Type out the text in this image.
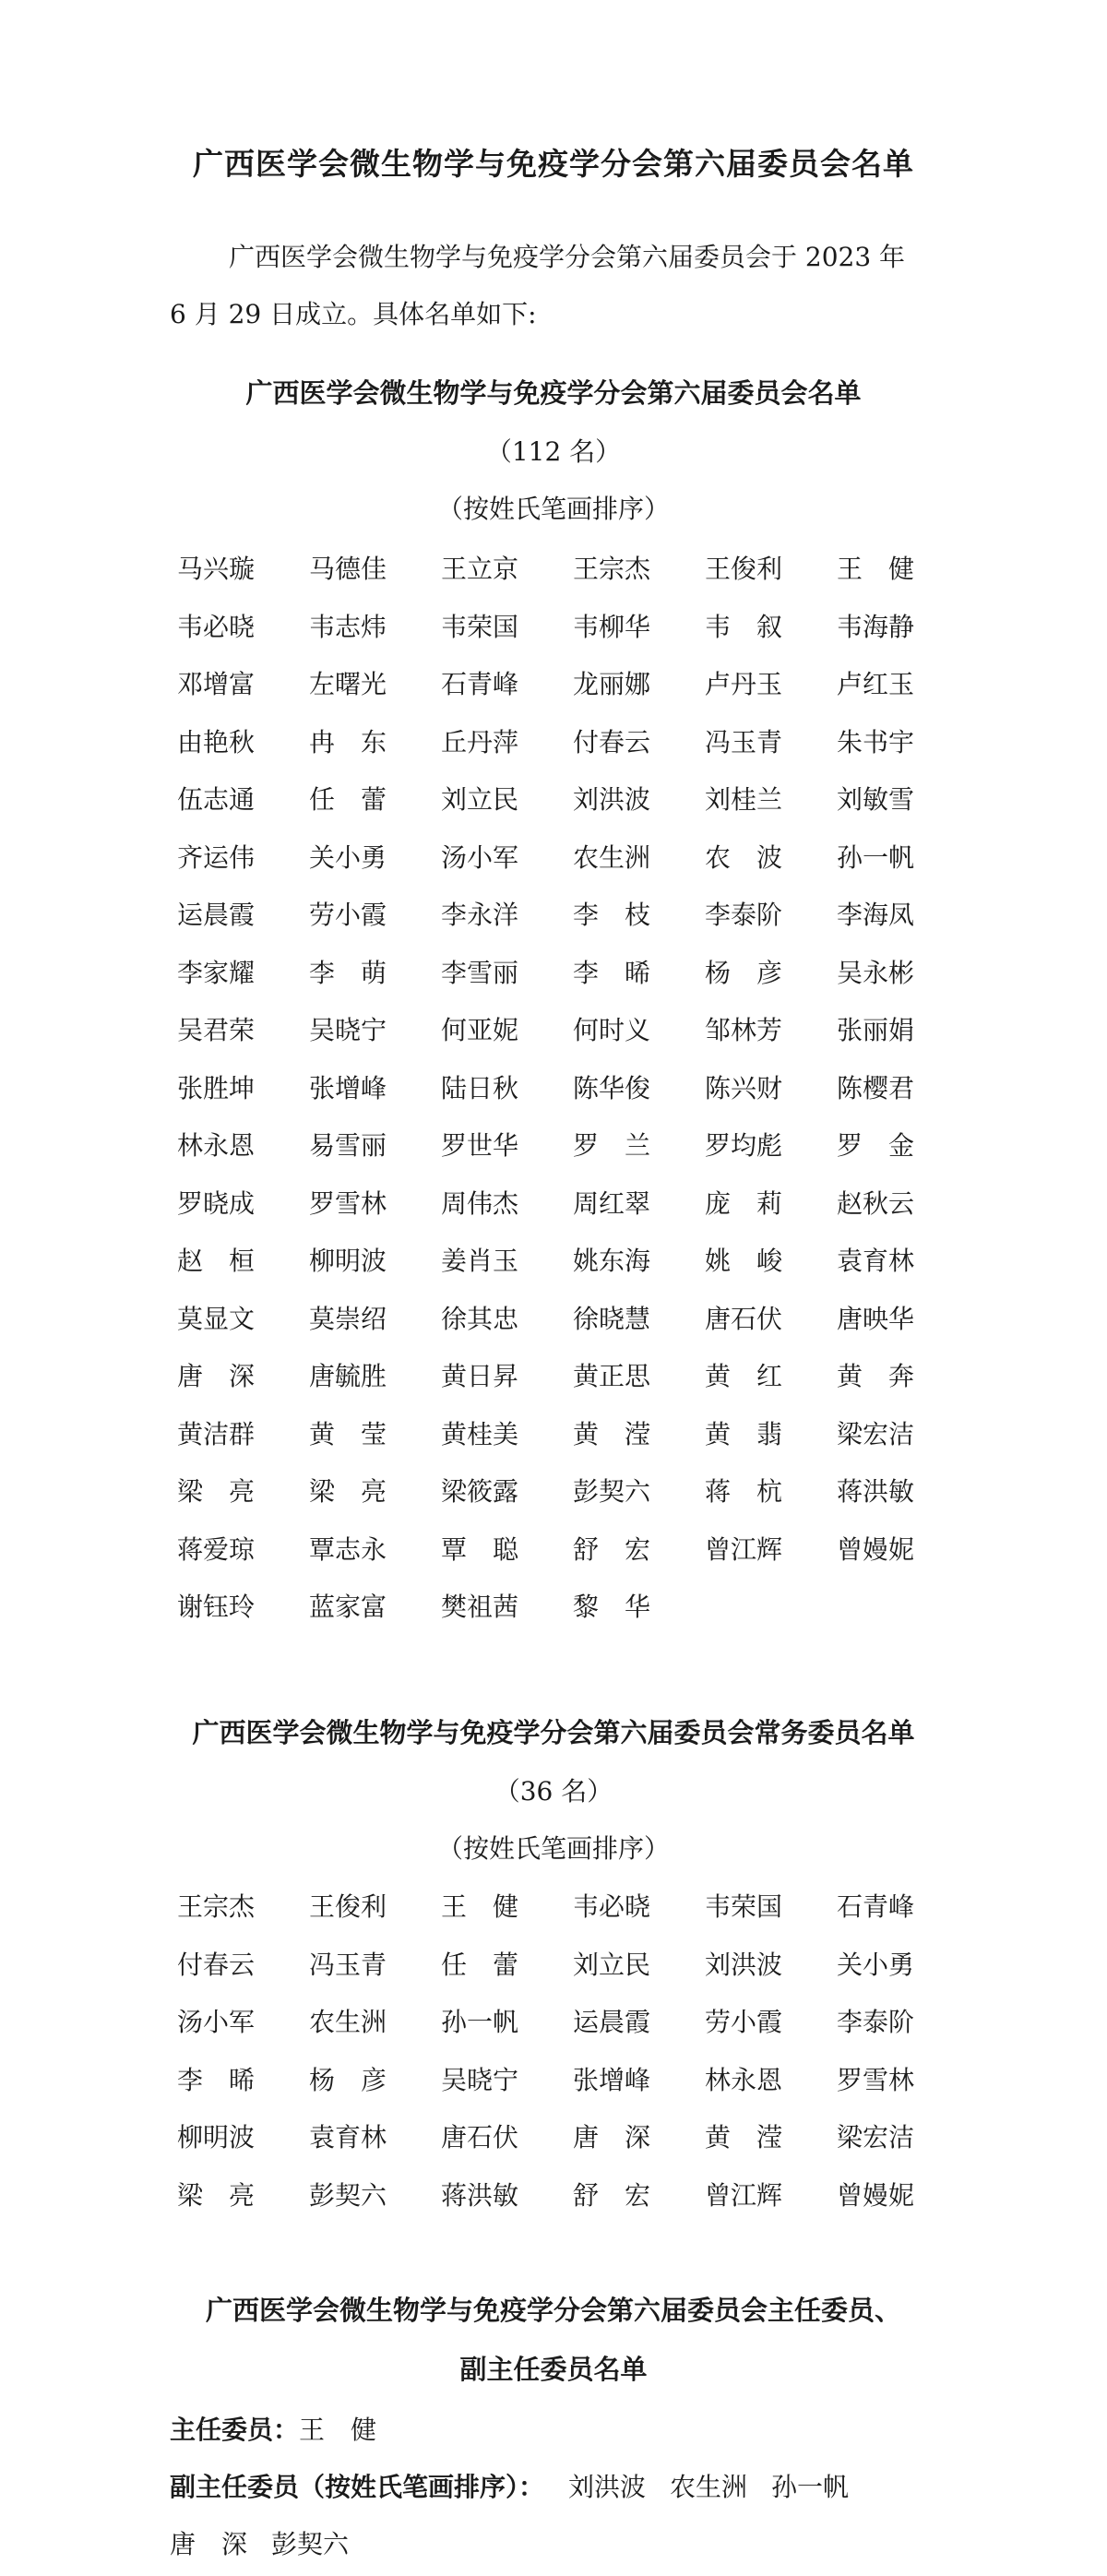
广西医学会微生物学与免疫学分会第六届委员会名单
广西医学会微生物学与免疫学分会第六届委员会于 2023 年 6 月 29 日成立。具体名单如下:
广西医学会微生物学与免疫学分会第六届委员会名单
（112 名）
（按姓氏笔画排序）
马兴璇	马德佳	王立京	王宗杰	王俊利	王　健
韦必晓	韦志炜	韦荣国	韦柳华	韦　叙	韦海静
邓增富	左曙光	石青峰	龙丽娜	卢丹玉	卢红玉
由艳秋	冉　东	丘丹萍	付春云	冯玉青	朱书宇
伍志通	任　蕾	刘立民	刘洪波	刘桂兰	刘敏雪
齐运伟	关小勇	汤小军	农生洲	农　波	孙一帆
运晨霞	劳小霞	李永洋	李　枝	李泰阶	李海凤
李家耀	李　萌	李雪丽	李　晞	杨　彦	吴永彬
吴君荣	吴晓宁	何亚妮	何时义	邹林芳	张丽娟
张胜坤	张增峰	陆日秋	陈华俊	陈兴财	陈樱君
林永恩	易雪丽	罗世华	罗　兰	罗均彪	罗　金
罗晓成	罗雪林	周伟杰	周红翠	庞　莉	赵秋云
赵　桓	柳明波	姜肖玉	姚东海	姚　峻	袁育林
莫显文	莫崇绍	徐其忠	徐晓慧	唐石伏	唐映华
唐　深	唐毓胜	黄日昇	黄正思	黄　红	黄　奔
黄洁群	黄　莹	黄桂美	黄　滢	黄　翡	梁宏洁
梁　亮	梁　亮	梁筱露	彭契六	蒋　杭	蒋洪敏
蒋爱琼	覃志永	覃　聪	舒　宏	曾江辉	曾嫚妮
谢钰玲	蓝家富	樊祖茜	黎　华
广西医学会微生物学与免疫学分会第六届委员会常务委员名单
（36 名）
（按姓氏笔画排序）
王宗杰	王俊利	王　健	韦必晓	韦荣国	石青峰
付春云	冯玉青	任　蕾	刘立民	刘洪波	关小勇
汤小军	农生洲	孙一帆	运晨霞	劳小霞	李泰阶
李　晞	杨　彦	吴晓宁	张增峰	林永恩	罗雪林
柳明波	袁育林	唐石伏	唐　深	黄　滢	梁宏洁
梁　亮	彭契六	蒋洪敏	舒　宏	曾江辉	曾嫚妮
广西医学会微生物学与免疫学分会第六届委员会主任委员、
副主任委员名单
主任委员：王　健
副主任委员（按姓氏笔画排序）： 刘洪波 农生洲 孙一帆
唐　深 彭契六
